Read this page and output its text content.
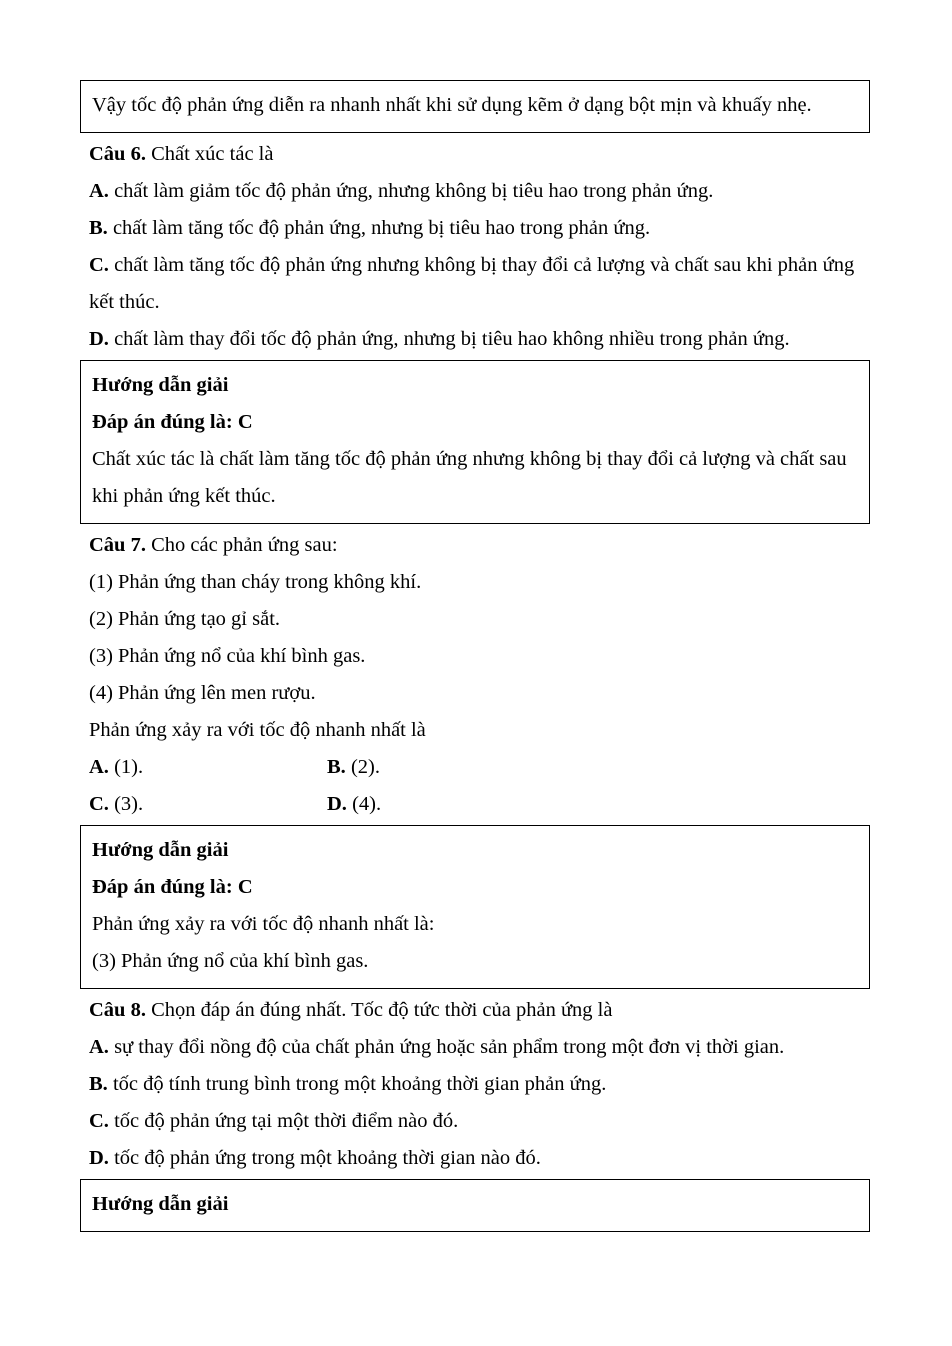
Vậy tốc độ phản ứng diễn ra nhanh nhất khi sử dụng kẽm ở dạng bột mịn và khuấy nhẹ.

Câu 6. Chất xúc tác là

A. chất làm giảm tốc độ phản ứng, nhưng không bị tiêu hao trong phản ứng.

B. chất làm tăng tốc độ phản ứng, nhưng bị tiêu hao trong phản ứng.

C. chất làm tăng tốc độ phản ứng nhưng không bị thay đổi cả lượng và chất sau khi phản ứng kết thúc.

D. chất làm thay đổi tốc độ phản ứng, nhưng bị tiêu hao không nhiều trong phản ứng.

Hướng dẫn giải

Đáp án đúng là: C

Chất xúc tác là chất làm tăng tốc độ phản ứng nhưng không bị thay đổi cả lượng và chất sau khi phản ứng kết thúc.

Câu 7. Cho các phản ứng sau:

(1) Phản ứng than cháy trong không khí.

(2) Phản ứng tạo gỉ sắt.

(3) Phản ứng nổ của khí bình gas.

(4) Phản ứng lên men rượu.

Phản ứng xảy ra với tốc độ nhanh nhất là

A. (1).	B. (2).
C. (3).	D. (4).

Hướng dẫn giải

Đáp án đúng là: C

Phản ứng xảy ra với tốc độ nhanh nhất là:

(3) Phản ứng nổ của khí bình gas.

Câu 8. Chọn đáp án đúng nhất. Tốc độ tức thời của phản ứng là

A. sự thay đổi nồng độ của chất phản ứng hoặc sản phẩm trong một đơn vị thời gian.

B. tốc độ tính trung bình trong một khoảng thời gian phản ứng.

C. tốc độ phản ứng tại một thời điểm nào đó.

D. tốc độ phản ứng trong một khoảng thời gian nào đó.

Hướng dẫn giải
